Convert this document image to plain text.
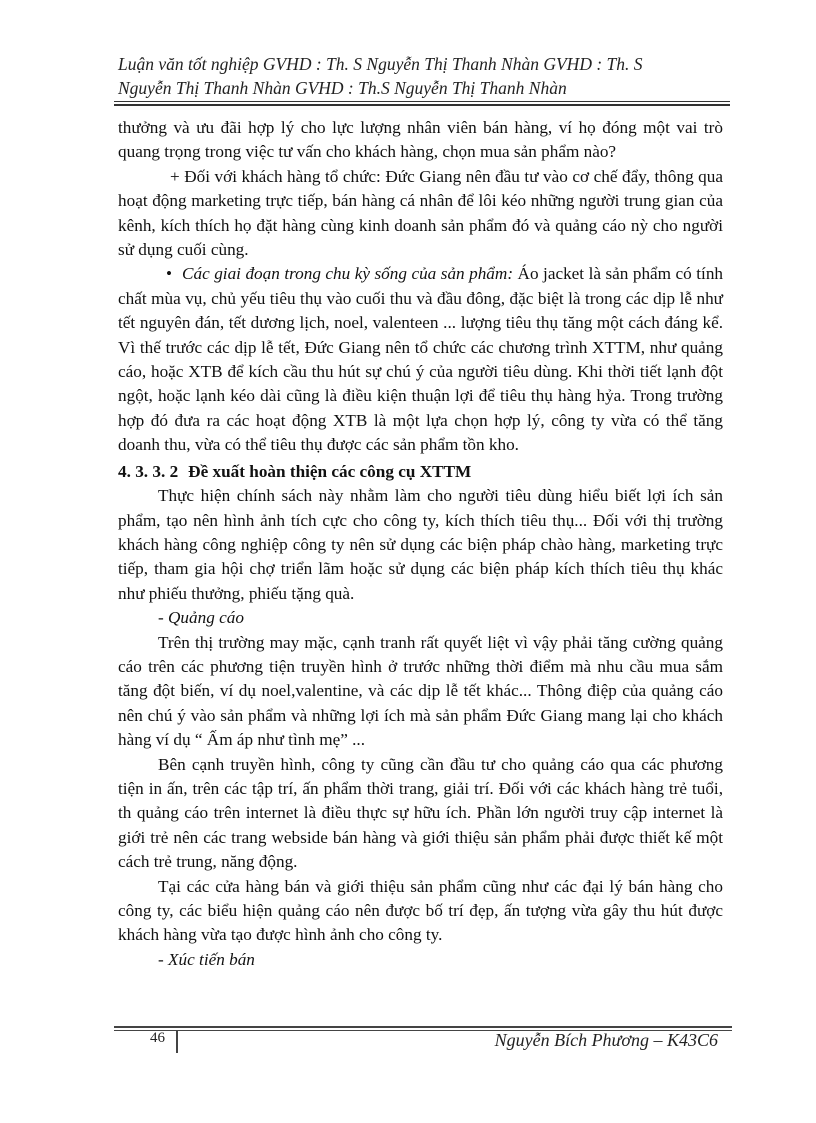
Luận văn tốt nghiệp GVHD : Th. S Nguyễn Thị Thanh Nhàn GVHD : Th. S
Nguyễn Thị Thanh Nhàn GVHD : Th.S Nguyễn Thị Thanh Nhàn

thưởng và ưu đãi hợp lý cho lực lượng nhân viên bán hàng, ví họ đóng một vai trò quang trọng trong việc tư vấn cho khách hàng, chọn mua sản phẩm nào?

+ Đối với khách hàng tổ chức: Đức Giang nên đầu tư vào cơ chế đẩy, thông qua hoạt động marketing trực tiếp, bán hàng cá nhân để lôi kéo những người trung gian của kênh, kích thích họ đặt hàng cùng kinh doanh sản phẩm đó và quảng cáo nỳ cho người sử dụng cuối cùng.

• Các giai đoạn trong chu kỳ sống của sản phẩm: Áo jacket là sản phẩm có tính chất mùa vụ, chủ yếu tiêu thụ vào cuối thu và đầu đông, đặc biệt là trong các dịp lễ như tết nguyên đán, tết dương lịch, noel, valenteen ... lượng tiêu thụ tăng một cách đáng kể. Vì thế trước các dịp lễ tết, Đức Giang nên tổ chức các chương trình XTTM, như quảng cáo, hoặc XTB để kích cầu thu hút sự chú ý của người tiêu dùng. Khi thời tiết lạnh đột ngột, hoặc lạnh kéo dài cũng là điều kiện thuận lợi để tiêu thụ hàng hỷa. Trong trường hợp đó đưa ra các hoạt động XTB là một lựa chọn hợp lý, công ty vừa có thể tăng doanh thu, vừa có thể tiêu thụ được các sản phẩm tồn kho.

4. 3. 3. 2 Đề xuất hoàn thiện các công cụ XTTM

Thực hiện chính sách này nhằm làm cho người tiêu dùng hiểu biết lợi ích sản phẩm, tạo nên hình ảnh tích cực cho công ty, kích thích tiêu thụ... Đối với thị trường khách hàng công nghiệp công ty nên sử dụng các biện pháp chào hàng, marketing trực tiếp, tham gia hội chợ triển lãm hoặc sử dụng các biện pháp kích thích tiêu thụ khác như phiếu thưởng, phiếu tặng quà.

- Quảng cáo

Trên thị trường may mặc, cạnh tranh rất quyết liệt vì vậy phải tăng cường quảng cáo trên các phương tiện truyền hình ở trước những thời điểm mà nhu cầu mua sắm tăng đột biến, ví dụ noel,valentine, và các dịp lễ tết khác... Thông điệp của quảng cáo nên chú ý vào sản phẩm và những lợi ích mà sản phẩm Đức Giang mang lại cho khách hàng ví dụ “ Ấm áp như tình mẹ” ...

Bên cạnh truyền hình, công ty cũng cần đầu tư cho quảng cáo qua các phương tiện in ấn, trên các tập trí, ấn phẩm thời trang, giải trí. Đối với các khách hàng trẻ tuổi, th quảng cáo trên internet là điều thực sự hữu ích. Phần lớn người truy cập internet là giới trẻ nên các trang webside bán hàng và giới thiệu sản phẩm phải được thiết kế một cách trẻ trung, năng động.

Tại các cửa hàng bán và giới thiệu sản phẩm cũng như các đại lý bán hàng cho công ty, các biểu hiện quảng cáo nên được bố trí đẹp, ấn tượng vừa gây thu hút được khách hàng vừa tạo được hình ảnh cho công ty.

- Xúc tiến bán

46	Nguyễn Bích Phương – K43C6
